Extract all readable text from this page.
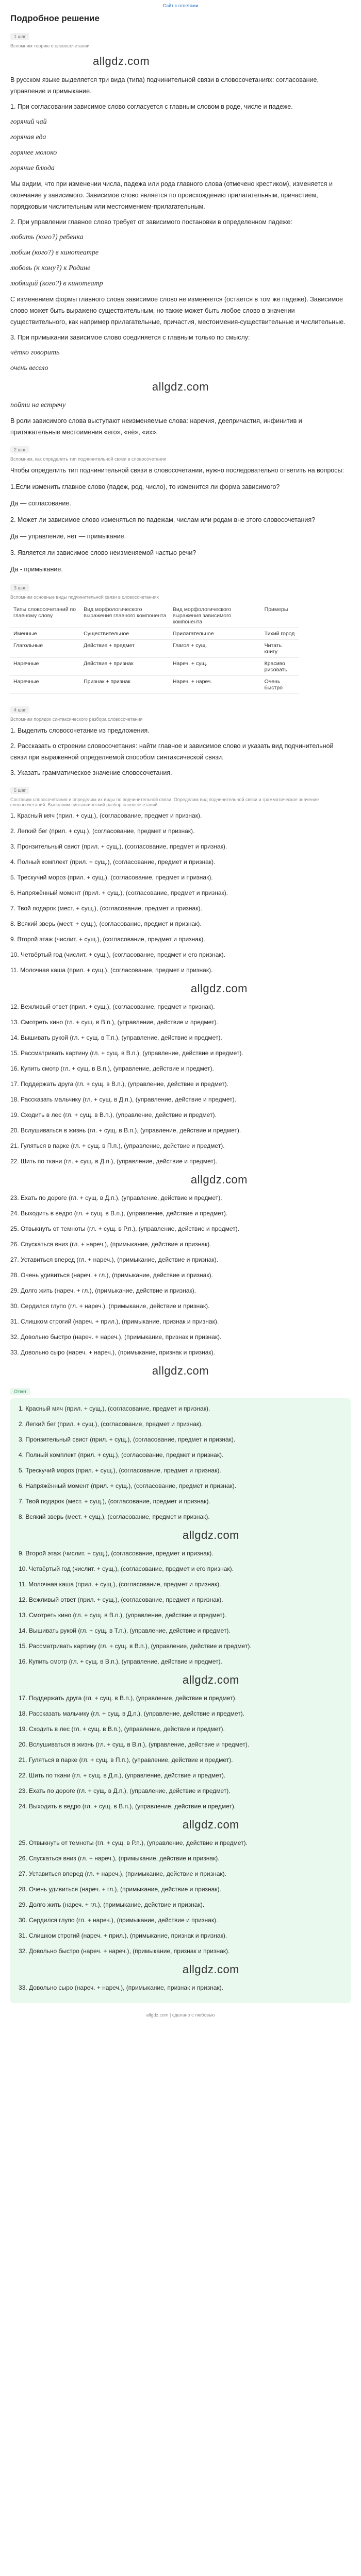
Сайт с ответами
Подробное решение
1 шаг
Вспомним теорию о словосочетании
allgdz.com

В русском языке выделяется три вида (типа) подчинительной связи в словосочетаниях: согласование, управление и примыкание.

1. При согласовании зависимое слово согласуется с главным словом в роде, числе и падеже.

горячий чай

горячая еда

горячее молоко

горячие блюда

Мы видим, что при изменении числа, падежа или рода главного слова (отмечено крестиком), изменяется и окончание у зависимого. Зависимое слово является по происхождению прилагательным, причастием, порядковым числительным или местоимением-прилагательным.

2. При управлении главное слово требует от зависимого постановки в определенном падеже:

любить (кого?) ребенка

любим (кого?) в кинотеатре

любовь (к кому?) к Родине

любящий (кого?) в кинотеатр

С изменением формы главного слова зависимое слово не изменяется (остается в том же падеже). Зависимое слово может быть выражено существительным, но также может быть любое слово в значении существительного, как например прилагательные, причастия, местоимения-существительные и числительные.

3. При примыкании зависимое слово соединяется с главным только по смыслу:

чётко говорить

очень весело

allgdz.com

пойти на встречу

В роли зависимого слова выступают неизменяемые слова: наречия, деепричастия, инфинитив и притяжательные местоимения «его», «её», «их».

2 шаг
Вспомним, как определить тип подчинительной связи в словосочетании

Чтобы определить тип подчинительной связи в словосочетании, нужно последовательно ответить на вопросы:

1.Если изменить главное слово (падеж, род, число), то изменится ли форма зависимого?

Да — согласование.

2. Может ли зависимое слово изменяться по падежам, числам или родам вне этого словосочетания?

Да — управление, нет — примыкание.

3. Является ли зависимое слово неизменяемой частью речи?

Да - примыкание.

3 шаг
Вспомним основные виды подчинительной связи в словосочетаниях
Типы словосочетаний по главному слову	Вид морфологического выражения главного компонента	Вид морфологического выражения зависимого компонента	Примеры
Именные	Существительное	Прилагательное	Тихий город
Глагольные	Действие + предмет	Глагол + сущ.	Читать книгу
Наречные	Действие + признак	Нареч. + сущ.	Красиво рисовать
Наречные	Признак + признак	Нареч. + нареч.	Очень быстро
4 шаг
Вспомним порядок синтаксического разбора словосочетания

1. Выделить словосочетание из предложения.

2. Рассказать о строении словосочетания: найти главное и зависимое слово и указать вид подчинительной связи при выраженной определяемой способом синтаксической связи.

3. Указать грамматическое значение словосочетания.

5 шаг
Составим словосочетания и определим их виды по подчинительной связи. Определим вид подчинительной связи и грамматическое значение словосочетаний. Выполним синтаксический разбор словосочетаний

1. Красный мяч (прил. + сущ.), (согласование, предмет и признак).

2. Легкий бег (прил. + сущ.), (согласование, предмет и признак).

3. Пронзительный свист (прил. + сущ.), (согласование, предмет и признак).

4. Полный комплект (прил. + сущ.), (согласование, предмет и признак).

5. Трескучий мороз (прил. + сущ.), (согласование, предмет и признак).

6. Напряжённый момент (прил. + сущ.), (согласование, предмет и признак).

7. Твой подарок (мест. + сущ.), (согласование, предмет и признак).

8. Всякий зверь (мест. + сущ.), (согласование, предмет и признак).

9. Второй этаж (числит. + сущ.), (согласование, предмет и признак).

10. Четвёртый год (числит. + сущ.), (согласование, предмет и его признак).

11. Молочная каша (прил. + сущ.), (согласование, предмет и признак).

allgdz.com

12. Вежливый ответ (прил. + сущ.), (согласование, предмет и признак).

13. Смотреть кино (гл. + сущ. в В.п.), (управление, действие и предмет).

14. Вышивать рукой (гл. + сущ. в Т.п.), (управление, действие и предмет).

15. Рассматривать картину (гл. + сущ. в В.п.), (управление, действие и предмет).

16. Купить смотр (гл. + сущ. в В.п.), (управление, действие и предмет).

17. Поддержать друга (гл. + сущ. в В.п.), (управление, действие и предмет).

18. Рассказать мальчику (гл. + сущ. в Д.п.), (управление, действие и предмет).

19. Сходить в лес (гл. + сущ. в В.п.), (управление, действие и предмет).

20. Вслушиваться в жизнь (гл. + сущ. в В.п.), (управление, действие и предмет).

21. Гуляться в парке (гл. + сущ. в П.п.), (управление, действие и предмет).

22. Шить по ткани (гл. + сущ. в Д.п.), (управление, действие и предмет).

allgdz.com

23. Ехать по дороге (гл. + сущ. в Д.п.), (управление, действие и предмет).

24. Выходить в ведро (гл. + сущ. в В.п.), (управление, действие и предмет).

25. Отвыкнуть от темноты (гл. + сущ. в Р.п.), (управление, действие и предмет).

26. Спускаться вниз (гл. + нареч.), (примыкание, действие и признак).

27. Уставиться вперед (гл. + нареч.), (примыкание, действие и признак).

28. Очень удивиться (нареч. + гл.), (примыкание, действие и признак).

29. Долго жить (нареч. + гл.), (примыкание, действие и признак).

30. Сердился глупо (гл. + нареч.), (примыкание, действие и признак).

31. Слишком строгий (нареч. + прил.), (примыкание, признак и признак).

32. Довольно быстро (нареч. + нареч.), (примыкание, признак и признак).

33. Довольно сыро (нареч. + нареч.), (примыкание, признак и признак).

allgdz.com
Ответ

1. Красный мяч (прил. + сущ.), (согласование, предмет и признак).

2. Легкий бег (прил. + сущ.), (согласование, предмет и признак).

3. Пронзительный свист (прил. + сущ.), (согласование, предмет и признак).

4. Полный комплект (прил. + сущ.), (согласование, предмет и признак).

5. Трескучий мороз (прил. + сущ.), (согласование, предмет и признак).

6. Напряжённый момент (прил. + сущ.), (согласование, предмет и признак).

7. Твой подарок (мест. + сущ.), (согласование, предмет и признак).

8. Всякий зверь (мест. + сущ.), (согласование, предмет и признак).

allgdz.com

9. Второй этаж (числит. + сущ.), (согласование, предмет и признак).

10. Четвёртый год (числит. + сущ.), (согласование, предмет и его признак).

11. Молочная каша (прил. + сущ.), (согласование, предмет и признак).

12. Вежливый ответ (прил. + сущ.), (согласование, предмет и признак).

13. Смотреть кино (гл. + сущ. в В.п.), (управление, действие и предмет).

14. Вышивать рукой (гл. + сущ. в Т.п.), (управление, действие и предмет).

15. Рассматривать картину (гл. + сущ. в В.п.), (управление, действие и предмет).

16. Купить смотр (гл. + сущ. в В.п.), (управление, действие и предмет).

allgdz.com

17. Поддержать друга (гл. + сущ. в В.п.), (управление, действие и предмет).

18. Рассказать мальчику (гл. + сущ. в Д.п.), (управление, действие и предмет).

19. Сходить в лес (гл. + сущ. в В.п.), (управление, действие и предмет).

20. Вслушиваться в жизнь (гл. + сущ. в В.п.), (управление, действие и предмет).

21. Гуляться в парке (гл. + сущ. в П.п.), (управление, действие и предмет).

22. Шить по ткани (гл. + сущ. в Д.п.), (управление, действие и предмет).

23. Ехать по дороге (гл. + сущ. в Д.п.), (управление, действие и предмет).

24. Выходить в ведро (гл. + сущ. в В.п.), (управление, действие и предмет).

allgdz.com

25. Отвыкнуть от темноты (гл. + сущ. в Р.п.), (управление, действие и предмет).

26. Спускаться вниз (гл. + нареч.), (примыкание, действие и признак).

27. Уставиться вперед (гл. + нареч.), (примыкание, действие и признак).

28. Очень удивиться (нареч. + гл.), (примыкание, действие и признак).

29. Долго жить (нареч. + гл.), (примыкание, действие и признак).

30. Сердился глупо (гл. + нареч.), (примыкание, действие и признак).

31. Слишком строгий (нареч. + прил.), (примыкание, признак и признак).

32. Довольно быстро (нареч. + нареч.), (примыкание, признак и признак).

allgdz.com

33. Довольно сыро (нареч. + нареч.), (примыкание, признак и признак).

allgdz.com | сделано с любовью
